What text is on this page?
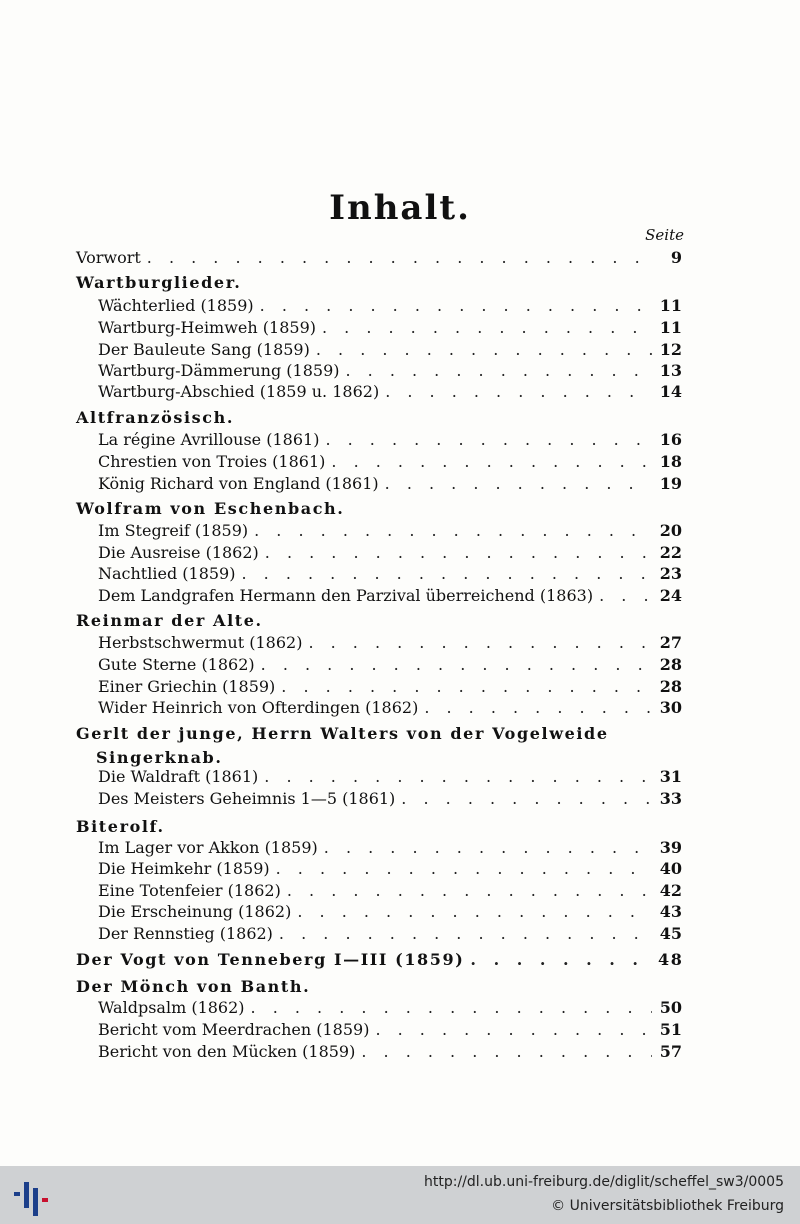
Inhalt.
Seite
Vorwort . . .	9
Wartburglieder.
Wächterlied (1859) . . .	11
Wartburg-Heimweh (1859) . . .	11
Der Bauleute Sang (1859) . . .	12
Wartburg-Dämmerung (1859) . . .	13
Wartburg-Abschied (1859 u. 1862) . . .	14
Altfranzösisch.
La régine Avrillouse (1861) . . .	16
Chrestien von Troies (1861) . . .	18
König Richard von England (1861) . . .	19
Wolfram von Eschenbach.
Im Stegreif (1859) . . .	20
Die Ausreise (1862) . . .	22
Nachtlied (1859) . . .	23
Dem Landgrafen Hermann den Parzival überreichend (1863) . . .	24
Reinmar der Alte.
Herbstschwermut (1862) . . .	27
Gute Sterne (1862) . . .	28
Einer Griechin (1859) . . .	28
Wider Heinrich von Ofterdingen (1862) . . .	30
Gerlt der junge, Herrn Walters von der Vogelweide
Die Waldraft (1861) . . .	31
Des Meisters Geheimnis 1—5 (1861) . . .	33
Biterolf.
Im Lager vor Akkon (1859) . . .	39
Die Heimkehr (1859) . . .	40
Eine Totenfeier (1862) . . .	42
Die Erscheinung (1862) . . .	43
Der Rennstieg (1862) . . .	45
Der Vogt von Tenneberg I—III (1859) . . .	48
Der Mönch von Banth.
Waldpsalm (1862) . . .	50
Bericht vom Meerdrachen (1859) . . .	51
Bericht von den Mücken (1859) . . .	57
Singerknab.
http://dl.ub.uni-freiburg.de/diglit/scheffel_sw3/0005
© Universitätsbibliothek Freiburg
